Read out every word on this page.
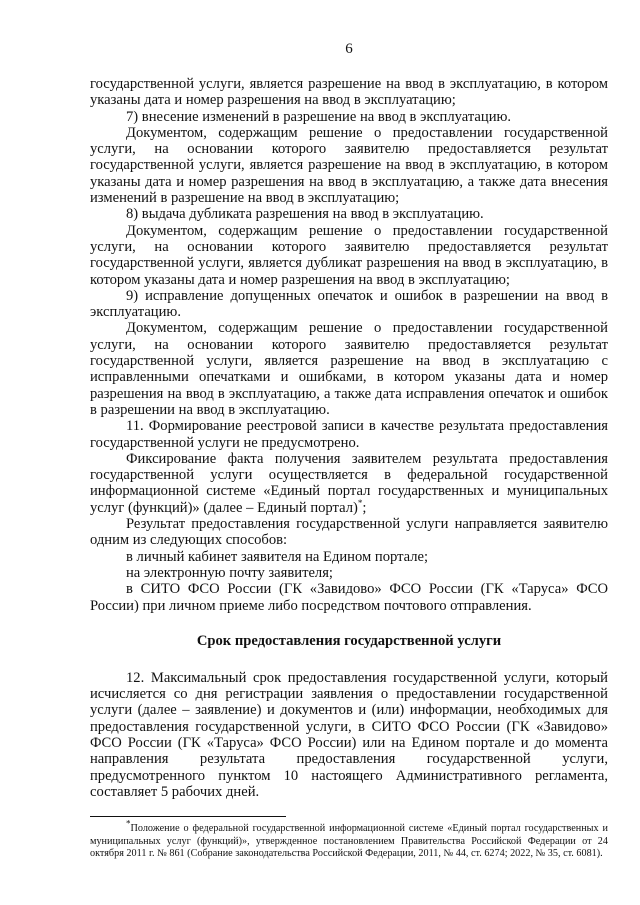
6

государственной услуги, является разрешение на ввод в эксплуатацию, в котором указаны дата и номер разрешения на ввод в эксплуатацию;

7) внесение изменений в разрешение на ввод в эксплуатацию.

Документом, содержащим решение о предоставлении государственной услуги, на основании которого заявителю предоставляется результат государственной услуги, является разрешение на ввод в эксплуатацию, в котором указаны дата и номер разрешения на ввод в эксплуатацию, а также дата внесения изменений в разрешение на ввод в эксплуатацию;

8) выдача дубликата разрешения на ввод в эксплуатацию.

Документом, содержащим решение о предоставлении государственной услуги, на основании которого заявителю предоставляется результат государственной услуги, является дубликат разрешения на ввод в эксплуатацию, в котором указаны дата и номер разрешения на ввод в эксплуатацию;

9) исправление допущенных опечаток и ошибок в разрешении на ввод в эксплуатацию.

Документом, содержащим решение о предоставлении государственной услуги, на основании которого заявителю предоставляется результат государственной услуги, является разрешение на ввод в эксплуатацию с исправленными опечатками и ошибками, в котором указаны дата и номер разрешения на ввод в эксплуатацию, а также дата исправления опечаток и ошибок в разрешении на ввод в эксплуатацию.

11. Формирование реестровой записи в качестве результата предоставления государственной услуги не предусмотрено.

Фиксирование факта получения заявителем результата предоставления государственной услуги осуществляется в федеральной государственной информационной системе «Единый портал государственных и муниципальных услуг (функций)» (далее – Единый портал)*;

Результат предоставления государственной услуги направляется заявителю одним из следующих способов:

в личный кабинет заявителя на Едином портале;

на электронную почту заявителя;

в СИТО ФСО России (ГК «Завидово» ФСО России (ГК «Таруса» ФСО России) при личном приеме либо посредством почтового отправления.

Срок предоставления государственной услуги

12. Максимальный срок предоставления государственной услуги, который исчисляется со дня регистрации заявления о предоставлении государственной услуги (далее – заявление) и документов и (или) информации, необходимых для предоставления государственной услуги, в СИТО ФСО России (ГК «Завидово» ФСО России (ГК «Таруса» ФСО России) или на Едином портале и до момента направления результата предоставления государственной услуги, предусмотренного пунктом 10 настоящего Административного регламента, составляет 5 рабочих дней.

*Положение о федеральной государственной информационной системе «Единый портал государственных и муниципальных услуг (функций)», утвержденное постановлением Правительства Российской Федерации от 24 октября 2011 г. № 861 (Собрание законодательства Российской Федерации, 2011, № 44, ст. 6274; 2022, № 35, ст. 6081).
